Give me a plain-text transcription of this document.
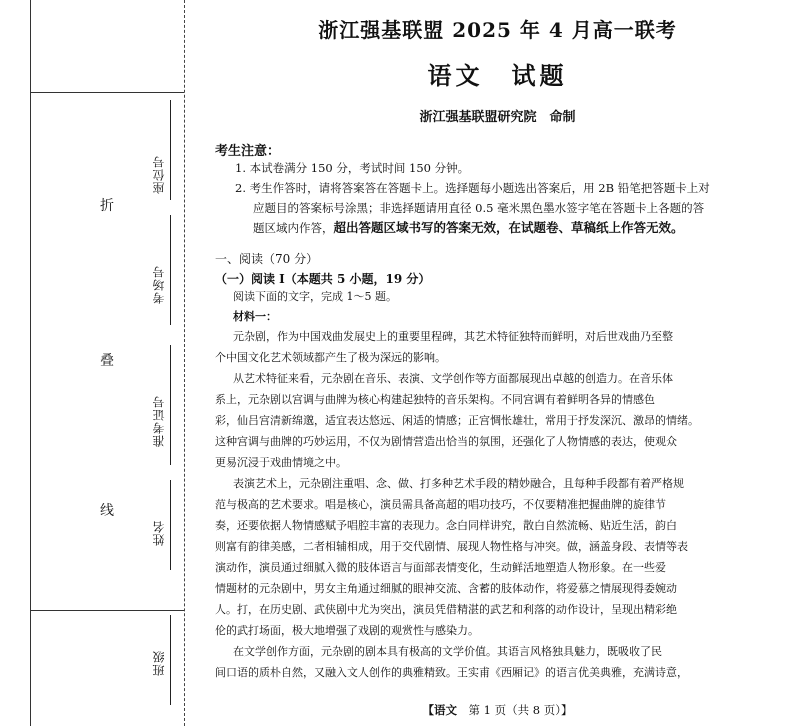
折
叠
线
座位号
考场号
准考证号
姓名
班级
浙江强基联盟 2025 年 4 月高一联考
语文　试题
浙江强基联盟研究院　命制
考生注意：
1. 本试卷满分 150 分，考试时间 150 分钟。
2. 考生作答时，请将答案答在答题卡上。选择题每小题选出答案后，用 2B 铅笔把答题卡上对
应题目的答案标号涂黑；非选择题请用直径 0.5 毫米黑色墨水签字笔在答题卡上各题的答
题区域内作答，超出答题区域书写的答案无效，在试题卷、草稿纸上作答无效。
一、阅读（70 分）
（一）阅读 Ⅰ（本题共 5 小题，19 分）
阅读下面的文字，完成 1～5 题。
材料一：
元杂剧，作为中国戏曲发展史上的重要里程碑，其艺术特征独特而鲜明，对后世戏曲乃至整
个中国文化艺术领域都产生了极为深远的影响。
从艺术特征来看，元杂剧在音乐、表演、文学创作等方面都展现出卓越的创造力。在音乐体
系上，元杂剧以宫调与曲牌为核心构建起独特的音乐架构。不同宫调有着鲜明各异的情感色
彩，仙吕宫清新绵邈，适宜表达悠远、闲适的情感；正宫惆怅雄壮，常用于抒发深沉、激昂的情绪。
这种宫调与曲牌的巧妙运用，不仅为剧情营造出恰当的氛围，还强化了人物情感的表达，使观众
更易沉浸于戏曲情境之中。
表演艺术上，元杂剧注重唱、念、做、打多种艺术手段的精妙融合，且每种手段都有着严格规
范与极高的艺术要求。唱是核心，演员需具备高超的唱功技巧，不仅要精准把握曲牌的旋律节
奏，还要依据人物情感赋予唱腔丰富的表现力。念白同样讲究，散白自然流畅、贴近生活，韵白
则富有韵律美感，二者相辅相成，用于交代剧情、展现人物性格与冲突。做，涵盖身段、表情等表
演动作，演员通过细腻入微的肢体语言与面部表情变化，生动鲜活地塑造人物形象。在一些爱
情题材的元杂剧中，男女主角通过细腻的眼神交流、含蓄的肢体动作，将爱慕之情展现得委婉动
人。打，在历史剧、武侠剧中尤为突出，演员凭借精湛的武艺和利落的动作设计，呈现出精彩绝
伦的武打场面，极大地增强了戏剧的观赏性与感染力。
在文学创作方面，元杂剧的剧本具有极高的文学价值。其语言风格独具魅力，既吸收了民
间口语的质朴自然，又融入文人创作的典雅精致。王实甫《西厢记》的语言优美典雅，充满诗意，
【语文　 第 1 页（共 8 页）】
